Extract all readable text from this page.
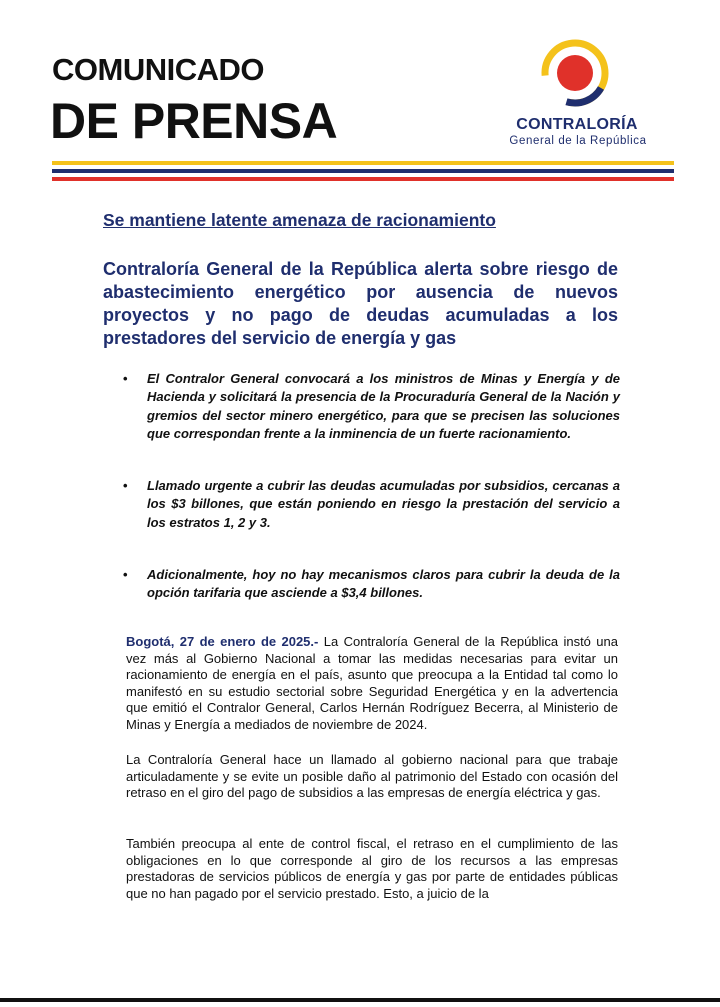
COMUNICADO
DE PRENSA	CONTRALORÍA
General de la República
Se mantiene latente amenaza de racionamiento
Contraloría General de la República alerta sobre riesgo de abastecimiento energético por ausencia de nuevos proyectos y no pago de deudas acumuladas a los prestadores del servicio de energía y gas
• El Contralor General convocará a los ministros de Minas y Energía y de Hacienda y solicitará la presencia de la Procuraduría General de la Nación y gremios del sector minero energético, para que se precisen las soluciones que correspondan frente a la inminencia de un fuerte racionamiento.
• Llamado urgente a cubrir las deudas acumuladas por subsidios, cercanas a los $3 billones, que están poniendo en riesgo la prestación del servicio a los estratos 1, 2 y 3.
• Adicionalmente, hoy no hay mecanismos claros para cubrir la deuda de la opción tarifaria que asciende a $3,4 billones.
Bogotá, 27 de enero de 2025.- La Contraloría General de la República instó una vez más al Gobierno Nacional a tomar las medidas necesarias para evitar un racionamiento de energía en el país, asunto que preocupa a la Entidad tal como lo manifestó en su estudio sectorial sobre Seguridad Energética y en la advertencia que emitió el Contralor General, Carlos Hernán Rodríguez Becerra, al Ministerio de Minas y Energía a mediados de noviembre de 2024.
La Contraloría General hace un llamado al gobierno nacional para que trabaje articuladamente y se evite un posible daño al patrimonio del Estado con ocasión del retraso en el giro del pago de subsidios a las empresas de energía eléctrica y gas.
También preocupa al ente de control fiscal, el retraso en el cumplimiento de las obligaciones en lo que corresponde al giro de los recursos a las empresas prestadoras de servicios públicos de energía y gas por parte de entidades públicas que no han pagado por el servicio prestado. Esto, a juicio de la
